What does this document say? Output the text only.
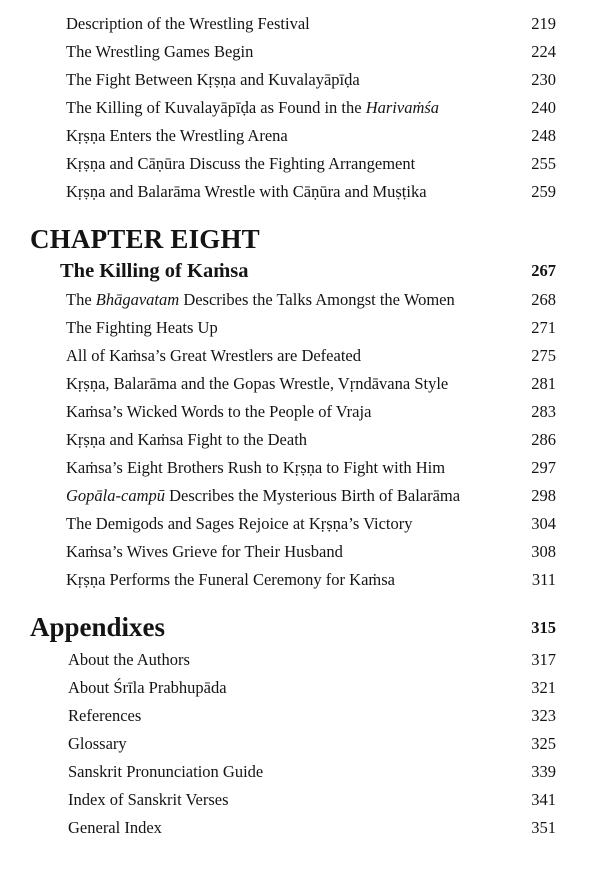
Description of the Wrestling Festival	219
The Wrestling Games Begin	224
The Fight Between Kṛṣṇa and Kuvalayāpīḍa	230
The Killing of Kuvalayāpīḍa as Found in the Harivaṁśa	240
Kṛṣṇa Enters the Wrestling Arena	248
Kṛṣṇa and Cāṇūra Discuss the Fighting Arrangement	255
Kṛṣṇa and Balarāma Wrestle with Cāṇūra and Muṣṭika	259
CHAPTER EIGHT
The Killing of Kaṁsa	267
The Bhāgavatam Describes the Talks Amongst the Women	268
The Fighting Heats Up	271
All of Kaṁsa’s Great Wrestlers are Defeated	275
Kṛṣṇa, Balarāma and the Gopas Wrestle, Vṛndāvana Style	281
Kaṁsa’s Wicked Words to the People of Vraja	283
Kṛṣṇa and Kaṁsa Fight to the Death	286
Kaṁsa’s Eight Brothers Rush to Kṛṣṇa to Fight with Him	297
Gopāla-campū Describes the Mysterious Birth of Balarāma	298
The Demigods and Sages Rejoice at Kṛṣṇa’s Victory	304
Kaṁsa’s Wives Grieve for Their Husband	308
Kṛṣṇa Performs the Funeral Ceremony for Kaṁsa	311
Appendixes	315
About the Authors	317
About Śrīla Prabhupāda	321
References	323
Glossary	325
Sanskrit Pronunciation Guide	339
Index of Sanskrit Verses	341
General Index	351
